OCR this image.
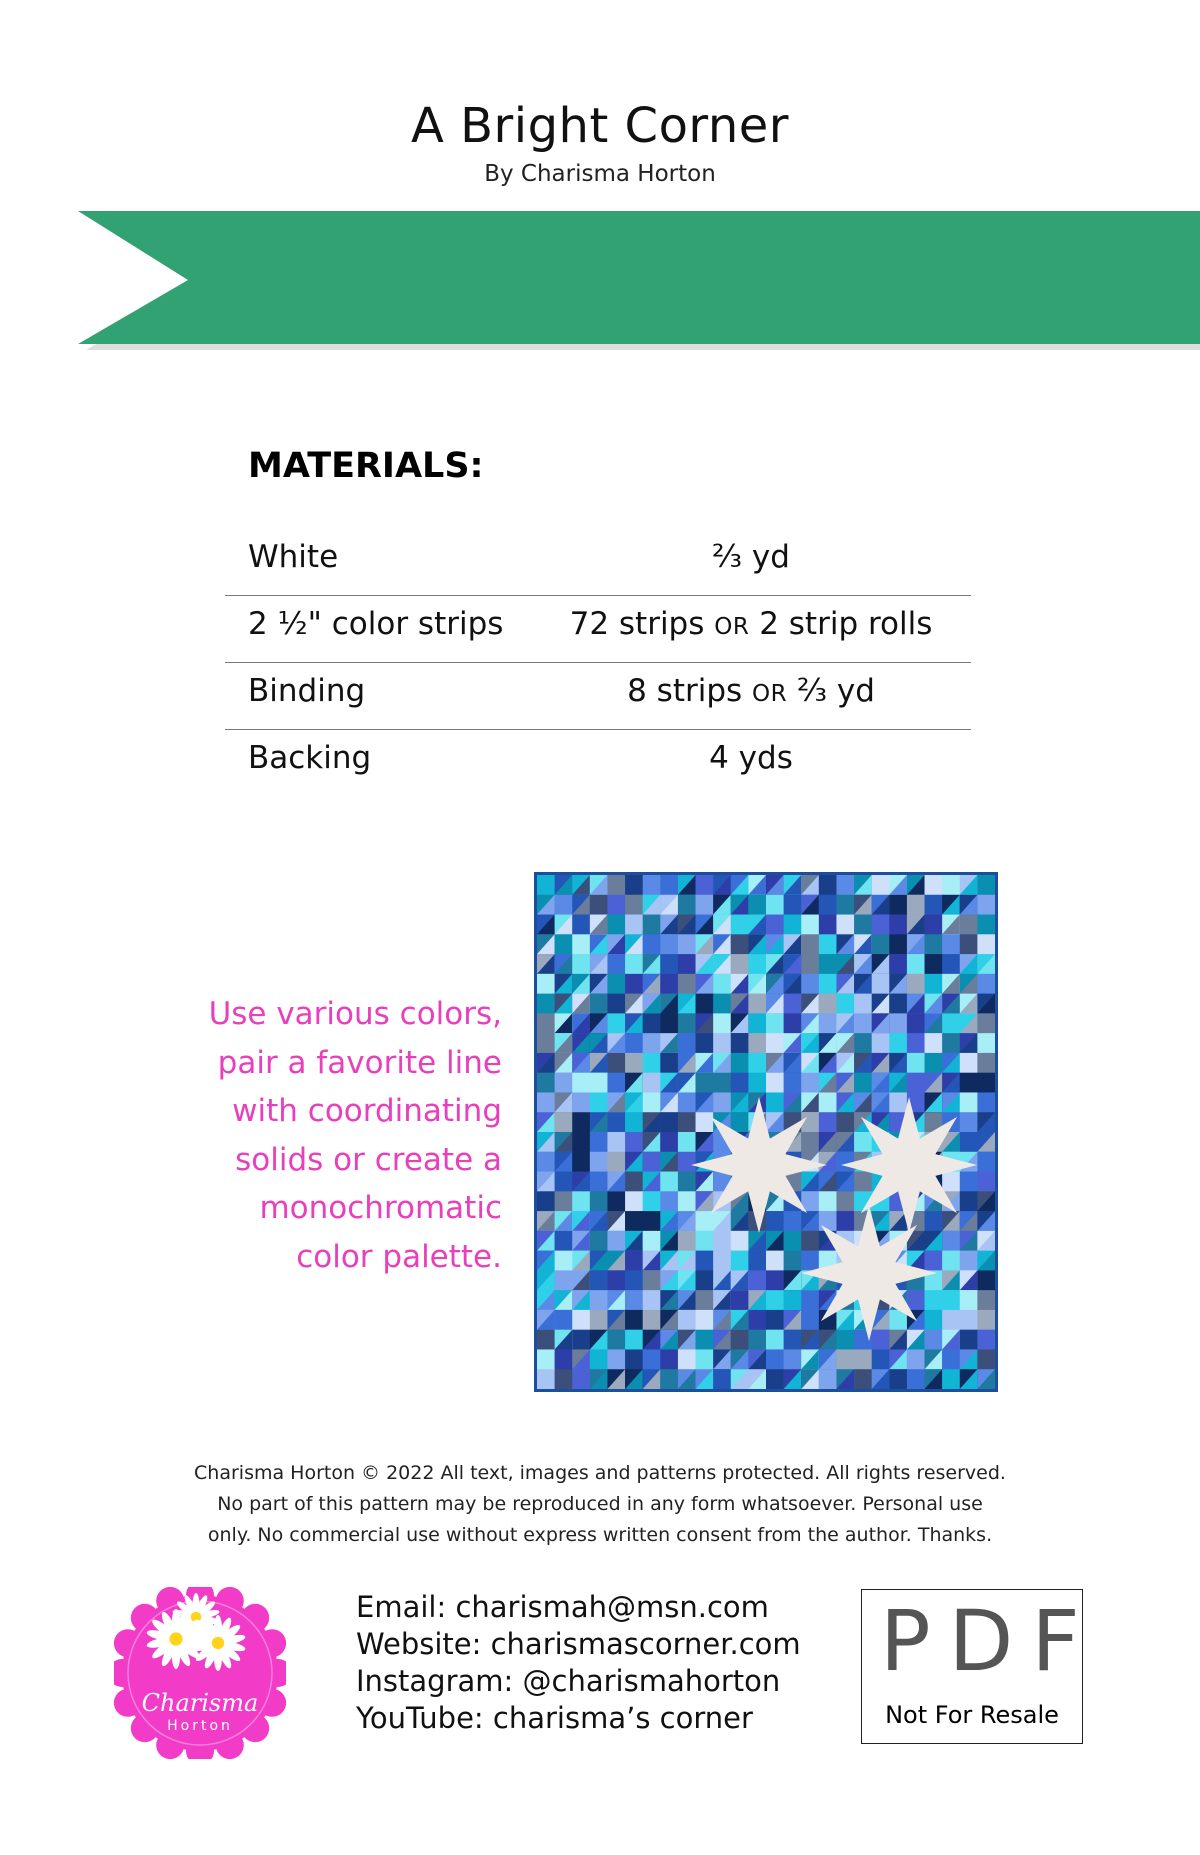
A Bright Corner
By Charisma Horton
MATERIALS:
White	⅔ yd
2 ½" color strips	72 strips OR 2 strip rolls
Binding	8 strips OR ⅔ yd
Backing	4 yds
Use various colors,
pair a favorite line
with coordinating
solids or create a
monochromatic
color palette.
Charisma Horton © 2022 All text, images and patterns protected. All rights reserved.
No part of this pattern may be reproduced in any form whatsoever. Personal use
only. No commercial use without express written consent from the author. Thanks.
Charisma
Horton
Email: charismah@msn.com
Website: charismascorner.com
Instagram: @charismahorton
YouTube: charisma’s corner
PDF
Not For Resale
